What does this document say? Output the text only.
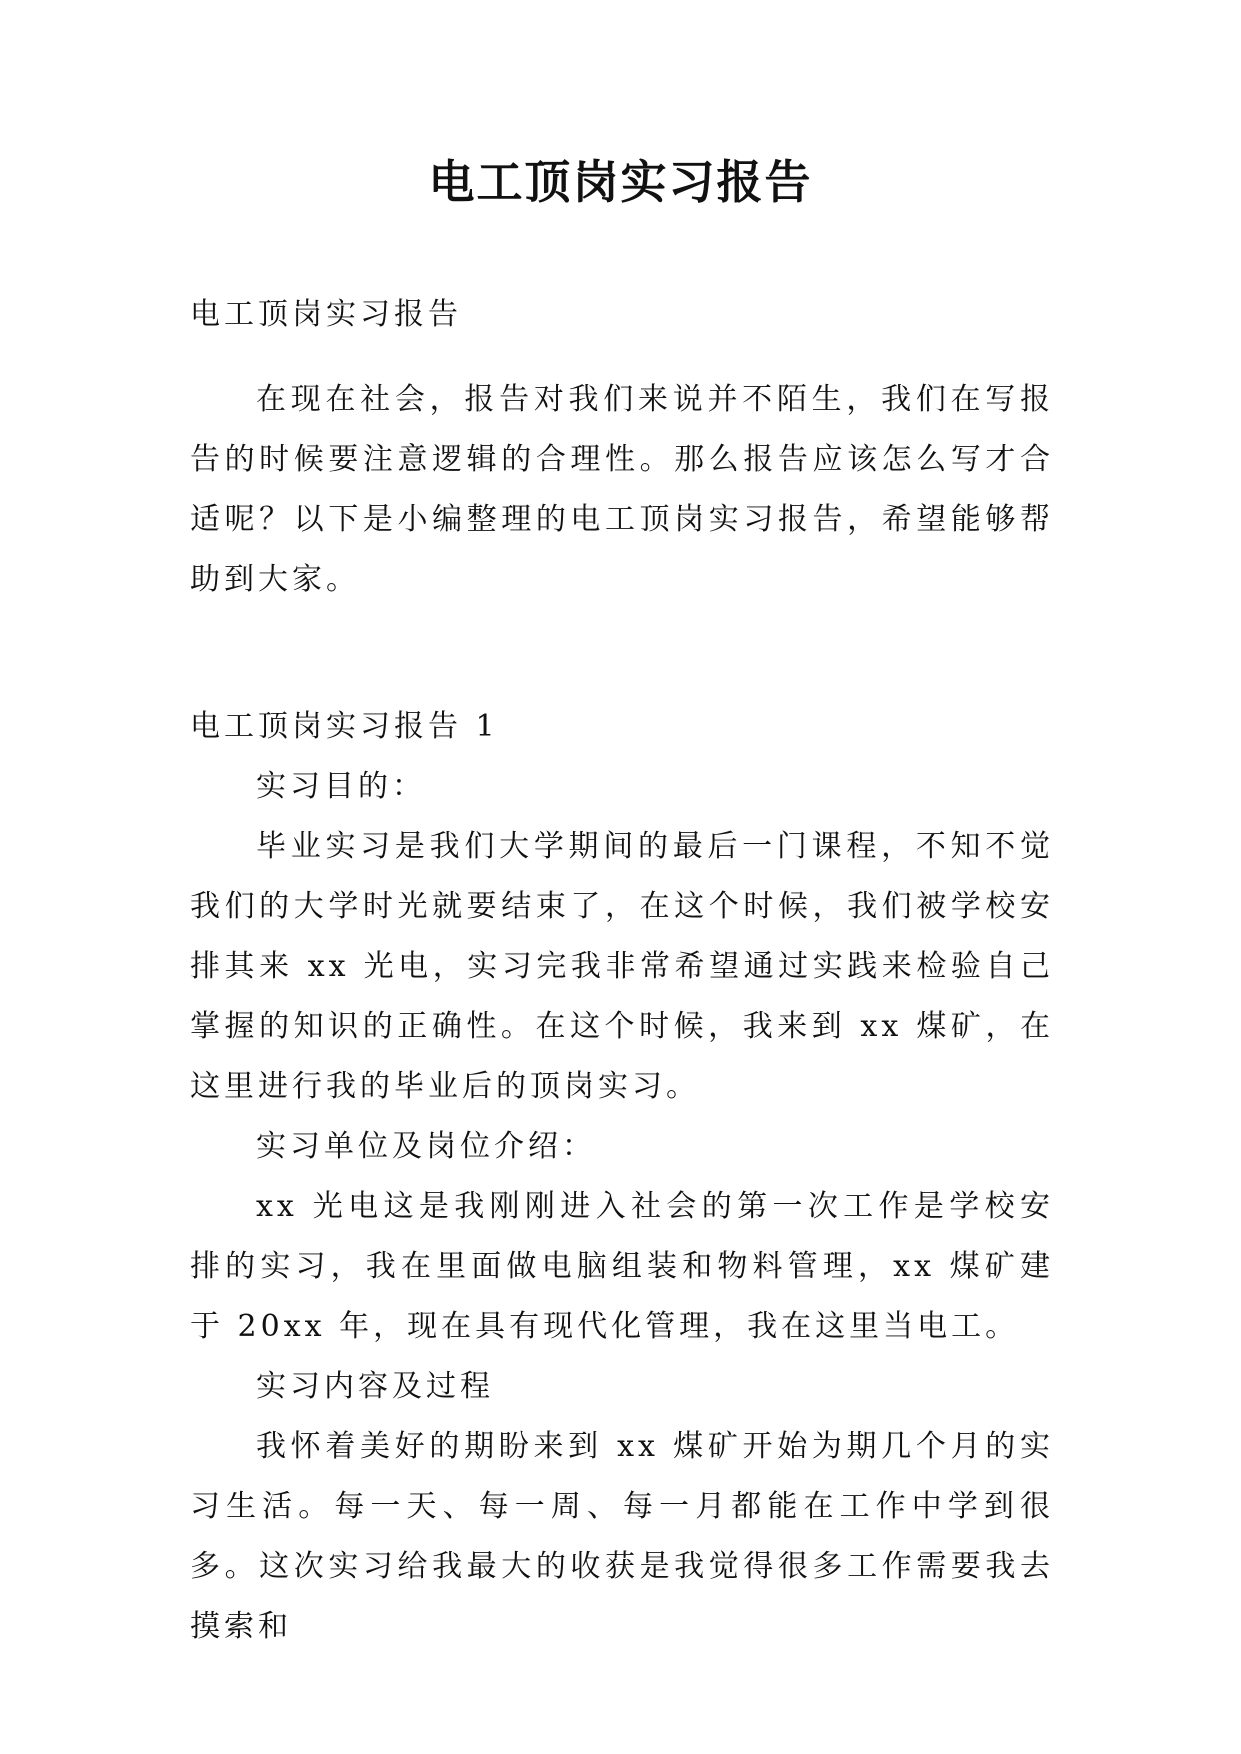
电工顶岗实习报告

电工顶岗实习报告

在现在社会，报告对我们来说并不陌生，我们在写报告的时候要注意逻辑的合理性。那么报告应该怎么写才合适呢？以下是小编整理的电工顶岗实习报告，希望能够帮助到大家。

电工顶岗实习报告 1

实习目的：

毕业实习是我们大学期间的最后一门课程，不知不觉我们的大学时光就要结束了，在这个时候，我们被学校安排其来 xx 光电，实习完我非常希望通过实践来检验自己掌握的知识的正确性。在这个时候，我来到 xx 煤矿，在这里进行我的毕业后的顶岗实习。

实习单位及岗位介绍：

xx 光电这是我刚刚进入社会的第一次工作是学校安排的实习，我在里面做电脑组装和物料管理，xx 煤矿建于 20xx 年，现在具有现代化管理，我在这里当电工。

实习内容及过程

我怀着美好的期盼来到 xx 煤矿开始为期几个月的实习生活。每一天、每一周、每一月都能在工作中学到很多。这次实习给我最大的收获是我觉得很多工作需要我去摸索和
